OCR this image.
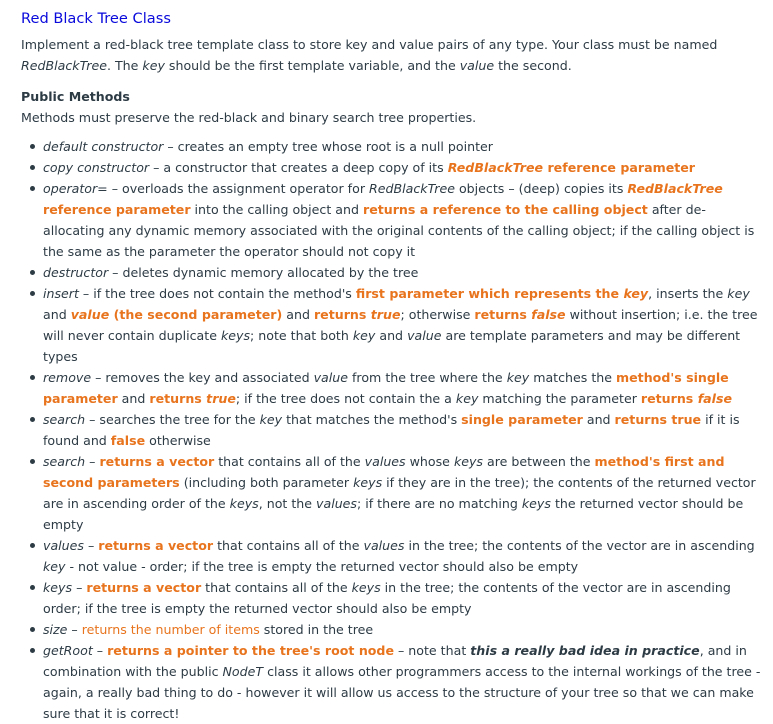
Red Black Tree Class

Implement a red-black tree template class to store key and value pairs of any type. Your class must be named RedBlackTree. The key should be the first template variable, and the value the second.

Public Methods

Methods must preserve the red-black and binary search tree properties.

default constructor – creates an empty tree whose root is a null pointer
copy constructor – a constructor that creates a deep copy of its RedBlackTree reference parameter
operator= – overloads the assignment operator for RedBlackTree objects – (deep) copies its RedBlackTree reference parameter into the calling object and returns a reference to the calling object after de-allocating any dynamic memory associated with the original contents of the calling object; if the calling object is the same as the parameter the operator should not copy it
destructor – deletes dynamic memory allocated by the tree
insert – if the tree does not contain the method's first parameter which represents the key, inserts the key and value (the second parameter) and returns true; otherwise returns false without insertion; i.e. the tree will never contain duplicate keys; note that both key and value are template parameters and may be different types
remove – removes the key and associated value from the tree where the key matches the method's single parameter and returns true; if the tree does not contain the a key matching the parameter returns false
search – searches the tree for the key that matches the method's single parameter and returns true if it is found and false otherwise
search – returns a vector that contains all of the values whose keys are between the method's first and second parameters (including both parameter keys if they are in the tree); the contents of the returned vector are in ascending order of the keys, not the values; if there are no matching keys the returned vector should be empty
values – returns a vector that contains all of the values in the tree; the contents of the vector are in ascending key - not value - order; if the tree is empty the returned vector should also be empty
keys – returns a vector that contains all of the keys in the tree; the contents of the vector are in ascending order; if the tree is empty the returned vector should also be empty
size – returns the number of items stored in the tree
getRoot – returns a pointer to the tree's root node – note that this a really bad idea in practice, and in combination with the public NodeT class it allows other programmers access to the internal workings of the tree - again, a really bad thing to do - however it will allow us access to the structure of your tree so that we can make sure that it is correct!
